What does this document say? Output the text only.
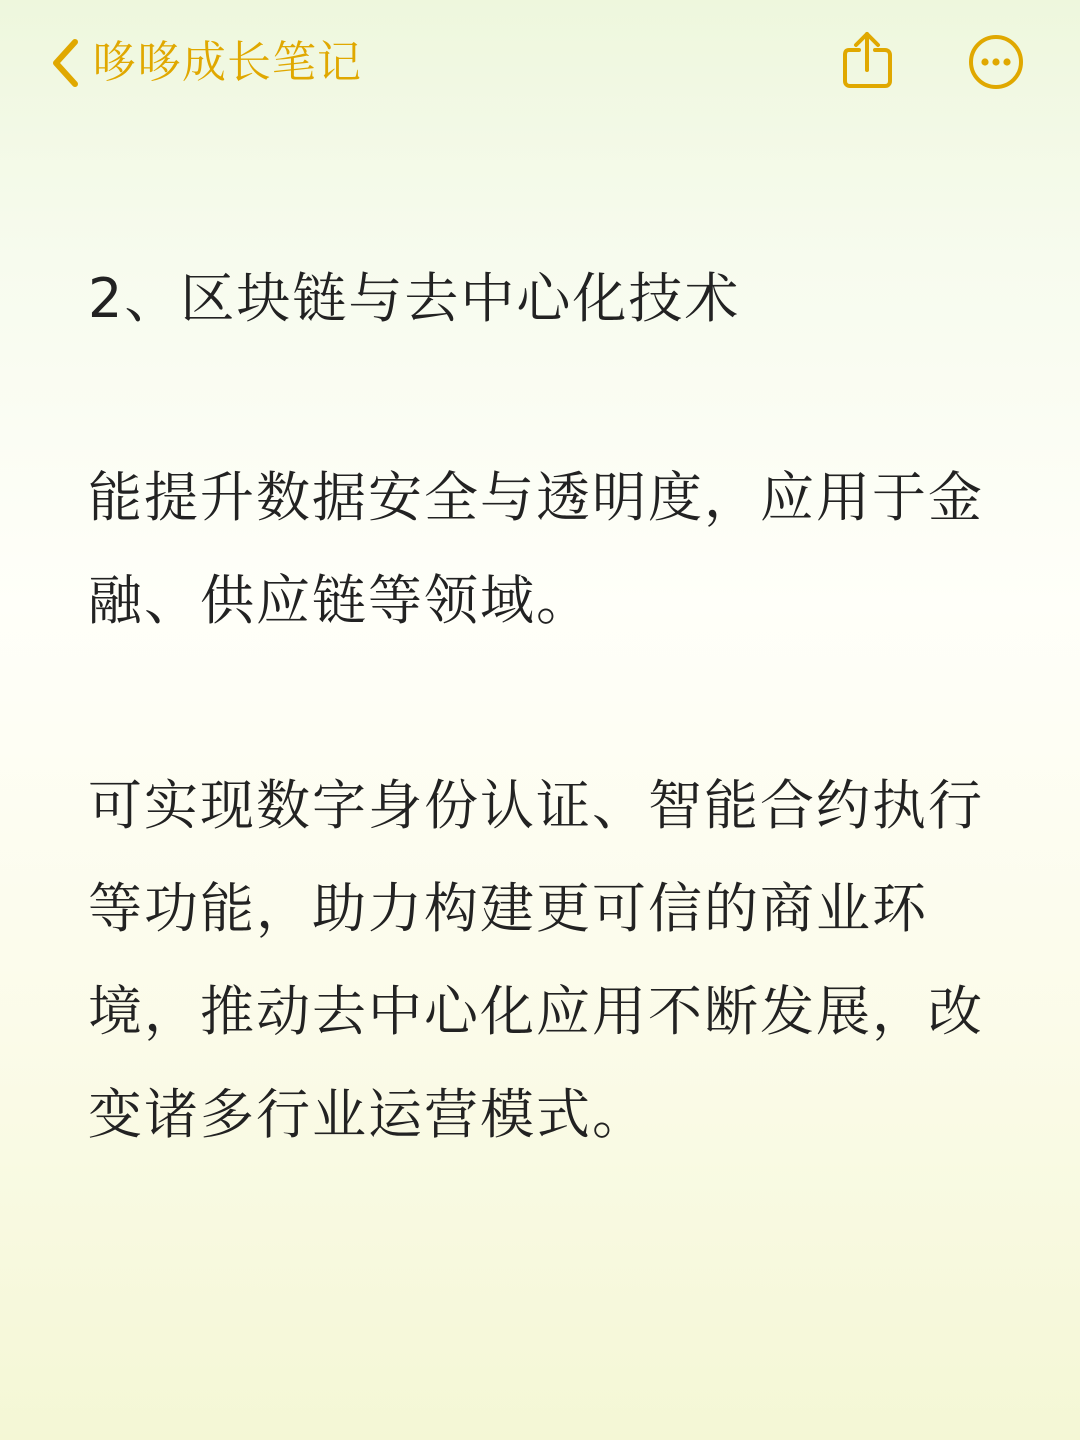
哆哆成长笔记
2、区块链与去中心化技术

能提升数据安全与透明度，应用于金融、供应链等领域。

可实现数字身份认证、智能合约执行等功能，助力构建更可信的商业环境，推动去中心化应用不断发展，改变诸多行业运营模式。
